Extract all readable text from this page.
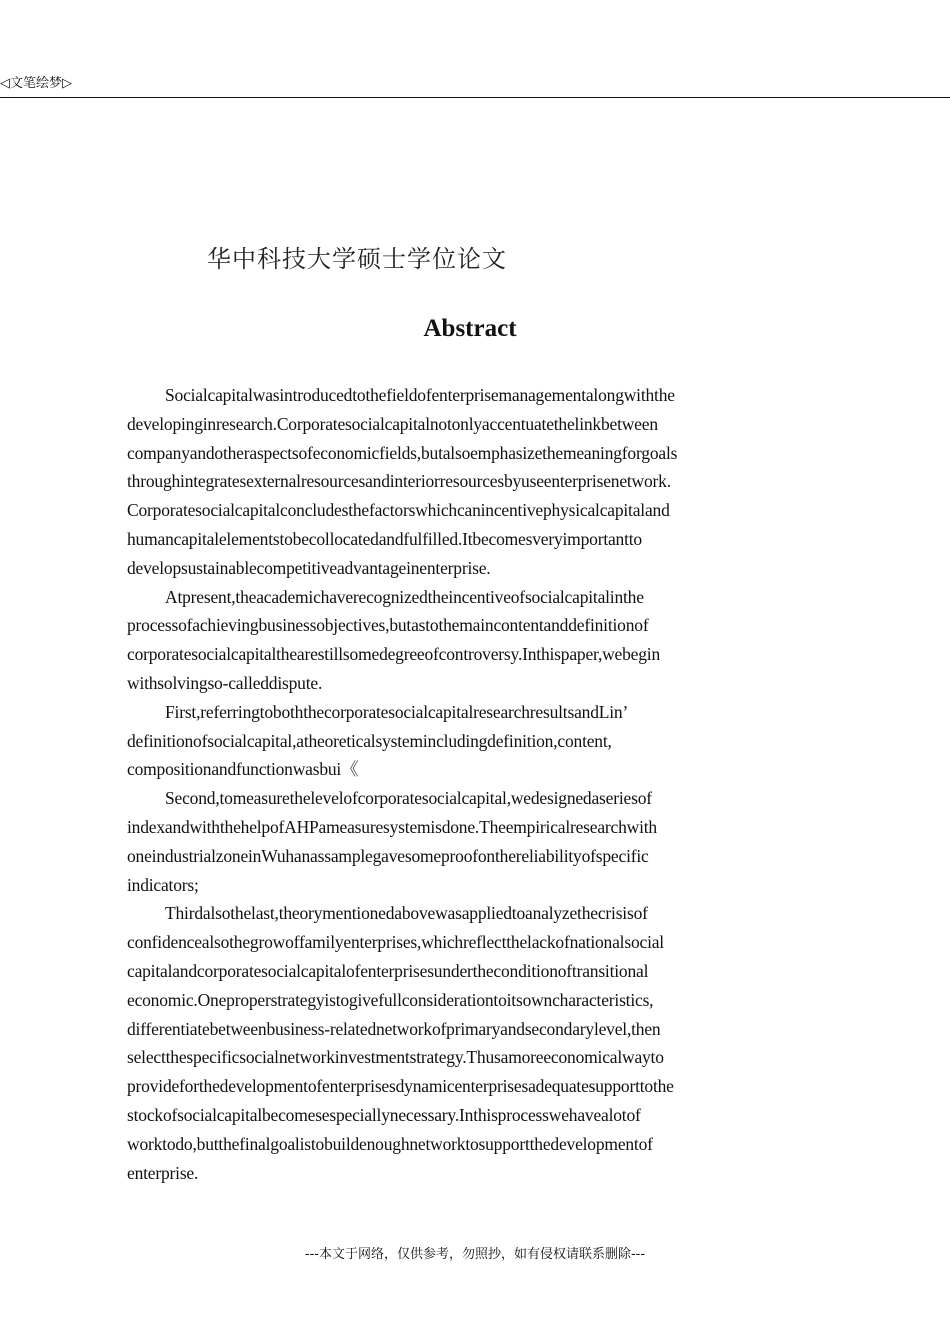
◁文笔绘梦▷
华中科技大学硕士学位论文
Abstract
Socialcapitalwasintroducedtothefieldofenterprisemanagementalongwiththe
developinginresearch.Corporatesocialcapitalnotonlyaccentuatethelinkbetween
companyandotheraspectsofeconomicfields,butalsoemphasizethemeaningforgoals
throughintegratesexternalresourcesandinteriorresourcesbyuseenterprisenetwork.
Corporatesocialcapitalconcludesthefactorswhichcanincentivephysicalcapitaland
humancapitalelementstobecollocatedandfulfilled.Itbecomesveryimportantto
developsustainablecompetitiveadvantageinenterprise.
Atpresent,theacademichaverecognizedtheincentiveofsocialcapitalinthe
processofachievingbusinessobjectives,butastothemaincontentanddefinitionof
corporatesocialcapitalthearestillsomedegreeofcontroversy.Inthispaper,webegin
withsolvingso-calleddispute.
First,referringtoboththecorporatesocialcapitalresearchresultsandLin’
definitionofsocialcapital,atheoreticalsystemincludingdefinition,content,
compositionandfunctionwasbui《
Second,tomeasurethelevelofcorporatesocialcapital,wedesignedaseriesof
indexandwiththehelpofAHPameasuresystemisdone.Theempiricalresearchwith
oneindustrialzoneinWuhanassamplegavesomeproofonthereliabilityofspecific
indicators;
Thirdalsothelast,theorymentionedabovewasappliedtoanalyzethecrisisof
confidencealsothegrowoffamilyenterprises,whichreflectthelackofnationalsocial
capitalandcorporatesocialcapitalofenterprisesundertheconditionoftransitional
economic.Oneproperstrategyistogivefullconsiderationtoitsowncharacteristics,
differentiatebetweenbusiness-relatednetworkofprimaryandsecondarylevel,then
selectthespecificsocialnetworkinvestmentstrategy.Thusamoreeconomicalwayto
provideforthedevelopmentofenterprisesdynamicenterprisesadequatesupporttothe
stockofsocialcapitalbecomesespeciallynecessary.Inthisprocesswehavealotof
worktodo,butthefinalgoalistobuildenoughnetworktosupportthedevelopmentof
enterprise.
---本文于网络，仅供参考，勿照抄，如有侵权请联系删除---
